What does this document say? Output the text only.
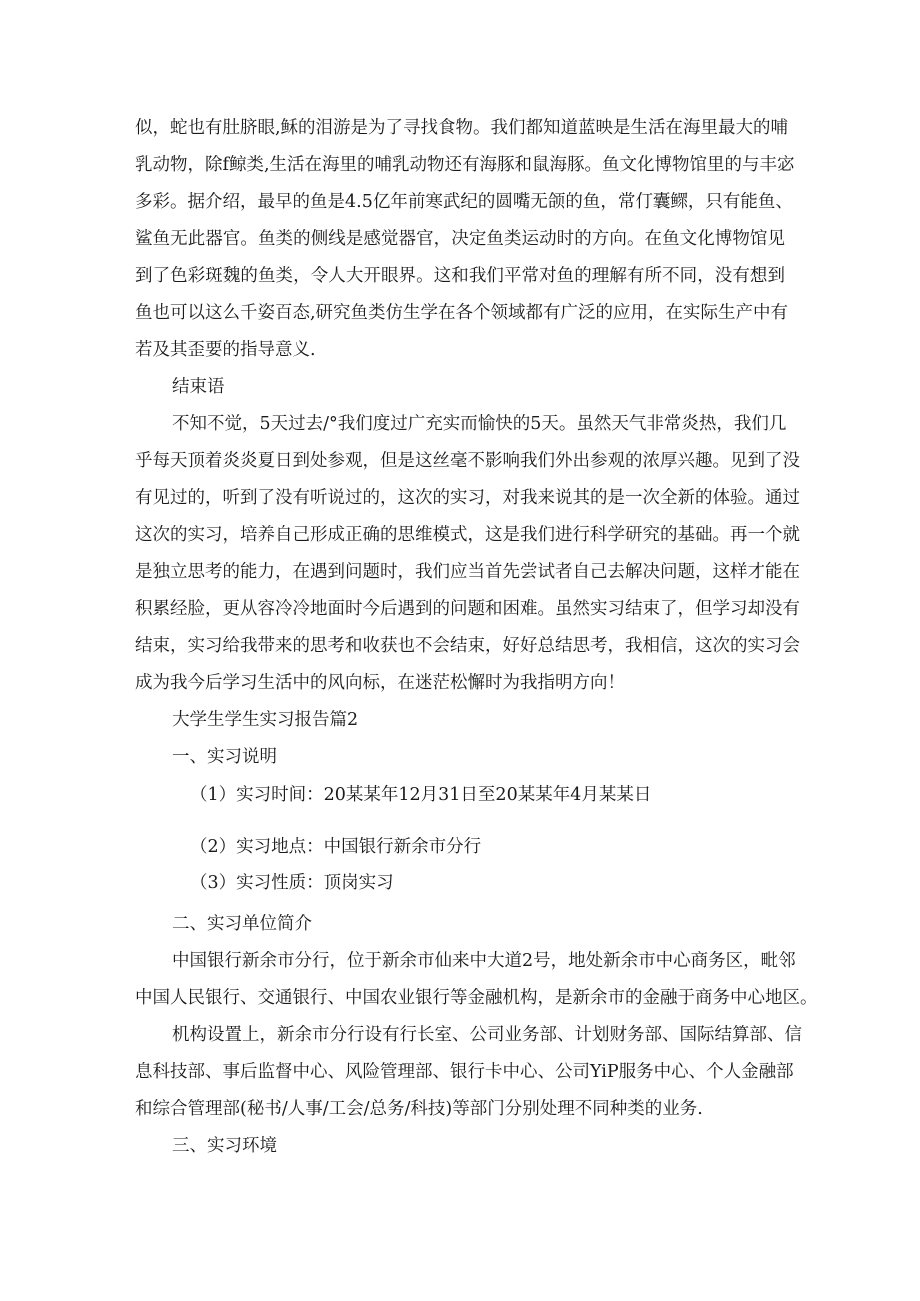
似，蛇也有肚脐眼,稣的泪游是为了寻找食物。我们都知道蓝映是生活在海里最大的哺
乳动物，除f鲸类,生活在海里的哺乳动物还有海豚和鼠海豚。鱼文化博物馆里的与丰宓
多彩。据介绍，最早的鱼是4.5亿年前寒武纪的圆嘴无颌的鱼，常仃囊鳏，只有能鱼、
鲨鱼无此器官。鱼类的侧线是感觉器官，决定鱼类运动时的方向。在鱼文化博物馆见
到了色彩斑魏的鱼类，令人大开眼界。这和我们平常对鱼的理解有所不同，没有想到
鱼也可以这么千姿百态,研究鱼类仿生学在各个领域都有广泛的应用，在实际生产中有
若及其歪要的指导意义.
结束语
不知不觉，5天过去/°我们度过广充实而愉快的5天。虽然天气非常炎热，我们几
乎每天顶着炎炎夏日到处参观，但是这丝毫不影响我们外出参观的浓厚兴趣。见到了没
有见过的，听到了没有听说过的，这次的实习，对我来说其的是一次全新的体验。通过
这次的实习，培养自己形成正确的思维模式，这是我们进行科学研究的基础。再一个就
是独立思考的能力，在遇到问题时，我们应当首先尝试者自己去解决问题，这样才能在
积累经脸，更从容冷冷地面时今后遇到的问题和困难。虽然实习结束了，但学习却没有
结束，实习给我带来的思考和收获也不会结束，好好总结思考，我相信，这次的实习会
成为我今后学习生活中的风向标，在迷茫松懈时为我指明方向！
大学生学生实习报告篇2
一、实习说明
（1）实习时间：20某某年12月31日至20某某年4月某某日
（2）实习地点：中国银行新余市分行
（3）实习性质：顶岗实习
二、实习单位简介
中国银行新余市分行，位于新余市仙来中大道2号，地处新余市中心商务区，毗邻
中国人民银行、交通银行、中国农业银行等金融机构，是新余市的金融于商务中心地区。
机构设置上，新余市分行设有行长室、公司业务部、计划财务部、国际结算部、信
息科技部、事后监督中心、风险管理部、银行卡中心、公司YiP服务中心、个人金融部
和综合管理部(秘书/人事/工会/总务/科技)等部门分别处理不同种类的业务.
三、实习环境
